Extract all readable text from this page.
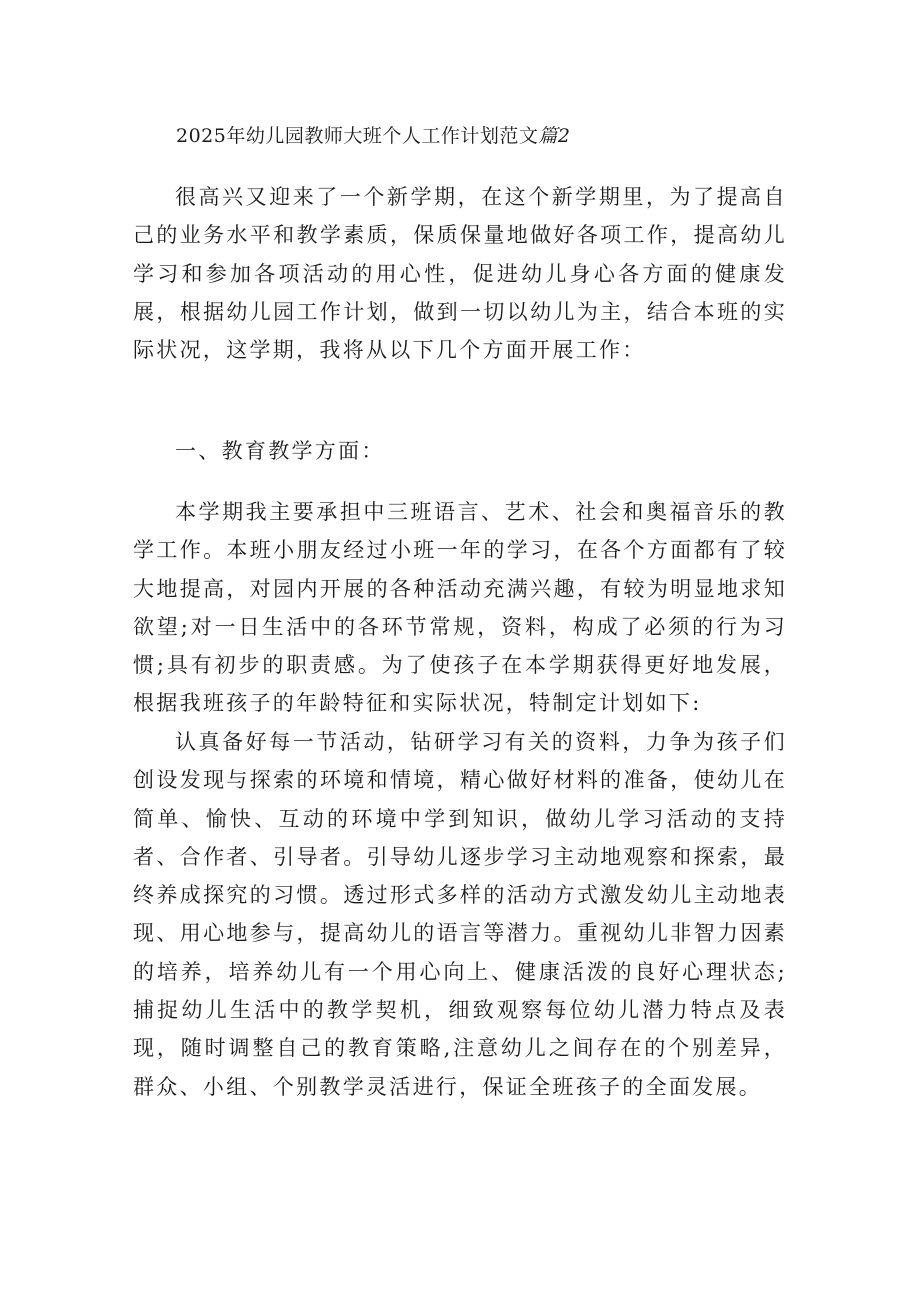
2025年幼儿园教师大班个人工作计划范文篇2

很高兴又迎来了一个新学期，在这个新学期里，为了提高自己的业务水平和教学素质，保质保量地做好各项工作，提高幼儿学习和参加各项活动的用心性，促进幼儿身心各方面的健康发展，根据幼儿园工作计划，做到一切以幼儿为主，结合本班的实际状况，这学期，我将从以下几个方面开展工作：

一、教育教学方面：

本学期我主要承担中三班语言、艺术、社会和奥福音乐的教学工作。本班小朋友经过小班一年的学习，在各个方面都有了较大地提高，对园内开展的各种活动充满兴趣，有较为明显地求知欲望;对一日生活中的各环节常规，资料，构成了必须的行为习惯;具有初步的职责感。为了使孩子在本学期获得更好地发展，根据我班孩子的年龄特征和实际状况，特制定计划如下:

认真备好每一节活动，钻研学习有关的资料，力争为孩子们创设发现与探索的环境和情境，精心做好材料的准备，使幼儿在简单、愉快、互动的环境中学到知识，做幼儿学习活动的支持者、合作者、引导者。引导幼儿逐步学习主动地观察和探索，最终养成探究的习惯。透过形式多样的活动方式激发幼儿主动地表现、用心地参与，提高幼儿的语言等潜力。重视幼儿非智力因素的培养，培养幼儿有一个用心向上、健康活泼的良好心理状态;捕捉幼儿生活中的教学契机，细致观察每位幼儿潜力特点及表现，随时调整自己的教育策略,注意幼儿之间存在的个别差异，群众、小组、个别教学灵活进行，保证全班孩子的全面发展。
